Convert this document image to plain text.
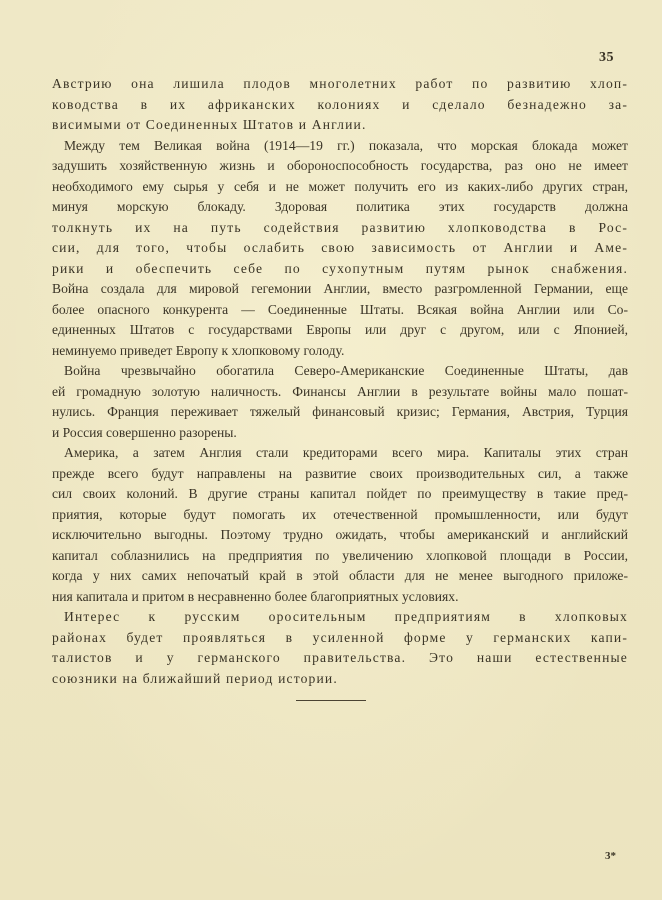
35
Австрию она лишила плодов многолетних работ по развитию хлоп-
ководства в их африканских колониях и сделало безнадежно за-
висимыми от Соединенных Штатов и Англии.
Между тем Великая война (1914—19 гг.) показала, что морская блокада может
задушить хозяйственную жизнь и обороноспособность государства, раз оно не имеет
необходимого ему сырья у себя и не может получить его из каких-либо других стран,
минуя морскую блокаду. Здоровая политика этих государств должна
толкнуть их на путь содействия развитию хлопководства в Рос-
сии, для того, чтобы ослабить свою зависимость от Англии и Аме-
рики и обеспечить себе по сухопутным путям рынок снабжения.
Война создала для мировой гегемонии Англии, вместо разгромленной Германии, еще
более опасного конкурента — Соединенные Штаты. Всякая война Англии или Со-
единенных Штатов с государствами Европы или друг с другом, или с Японией,
неминуемо приведет Европу к хлопковому голоду.
Война чрезвычайно обогатила Северо-Американские Соединенные Штаты, дав
ей громадную золотую наличность. Финансы Англии в результате войны мало пошат-
нулись. Франция переживает тяжелый финансовый кризис; Германия, Австрия, Турция
и Россия совершенно разорены.
Америка, а затем Англия стали кредиторами всего мира. Капиталы этих стран
прежде всего будут направлены на развитие своих производительных сил, а также
сил своих колоний. В другие страны капитал пойдет по преимуществу в такие пред-
приятия, которые будут помогать их отечественной промышленности, или будут
исключительно выгодны. Поэтому трудно ожидать, чтобы американский и английский
капитал соблазнились на предприятия по увеличению хлопковой площади в России,
когда у них самих непочатый край в этой области для не менее выгодного приложе-
ния капитала и притом в несравненно более благоприятных условиях.
Интерес к русским оросительным предприятиям в хлопковых
районах будет проявляться в усиленной форме у германских капи-
талистов и у германского правительства. Это наши естественные
союзники на ближайший период истории.
3*
